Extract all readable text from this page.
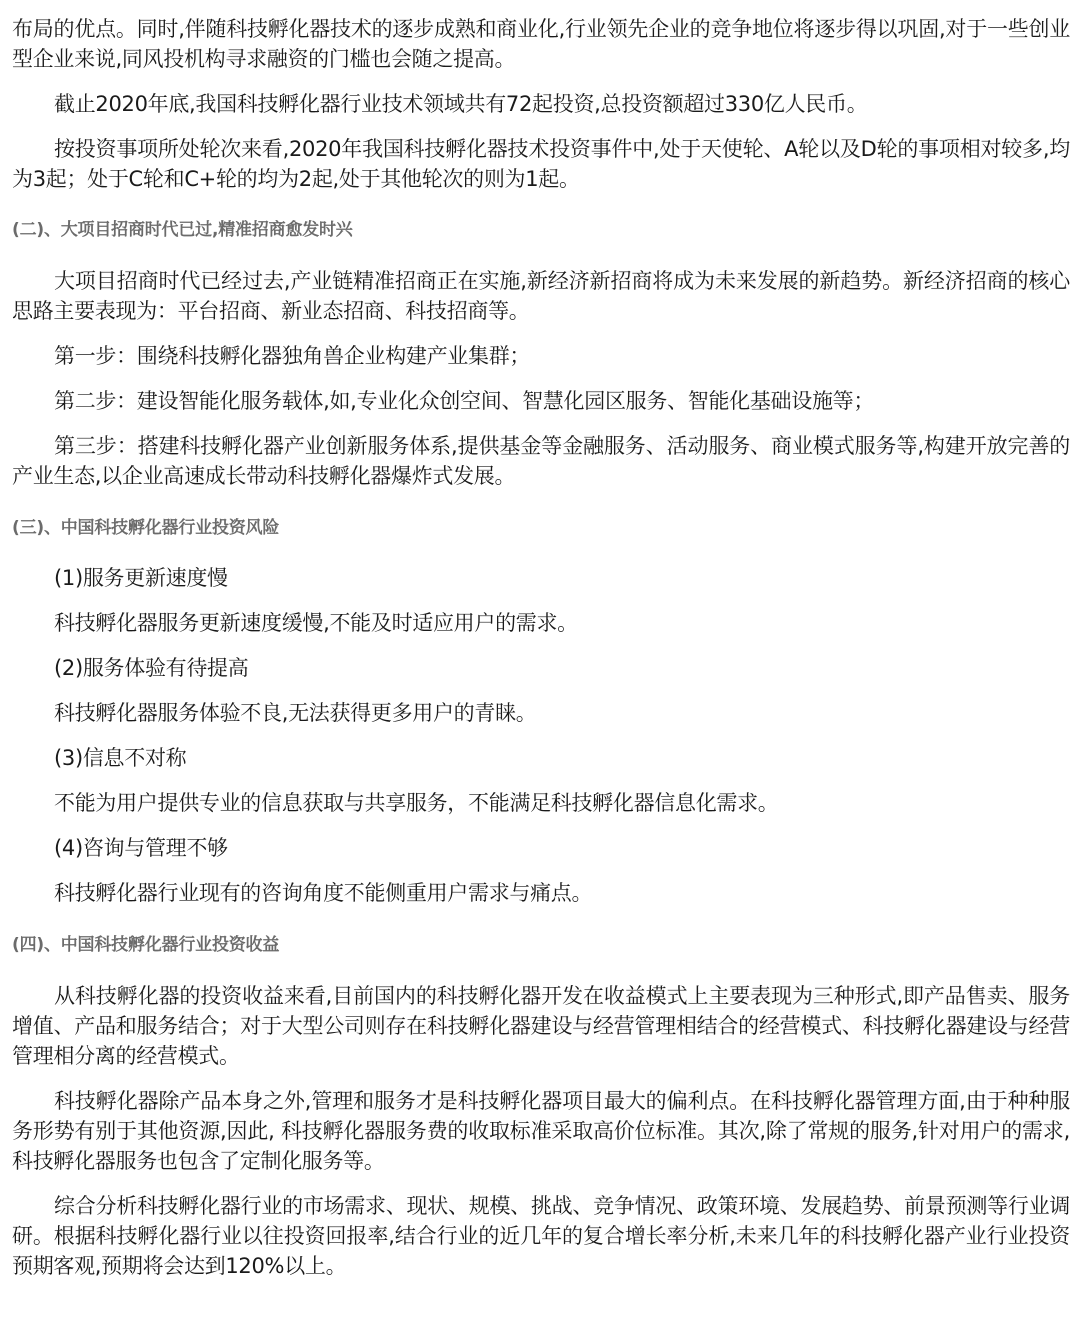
布局的优点。同时,伴随科技孵化器技术的逐步成熟和商业化,行业领先企业的竞争地位将逐步得以巩固,对于一些创业型企业来说,同风投机构寻求融资的门槛也会随之提高。

截止2020年底,我国科技孵化器行业技术领域共有72起投资,总投资额超过330亿人民币。

按投资事项所处轮次来看,2020年我国科技孵化器技术投资事件中,处于天使轮、A轮以及D轮的事项相对较多,均为3起；处于C轮和C+轮的均为2起,处于其他轮次的则为1起。

(二)、大项目招商时代已过,精准招商愈发时兴

大项目招商时代已经过去,产业链精准招商正在实施,新经济新招商将成为未来发展的新趋势。新经济招商的核心思路主要表现为：平台招商、新业态招商、科技招商等。

第一步：围绕科技孵化器独角兽企业构建产业集群；

第二步：建设智能化服务载体,如,专业化众创空间、智慧化园区服务、智能化基础设施等；

第三步：搭建科技孵化器产业创新服务体系,提供基金等金融服务、活动服务、商业模式服务等,构建开放完善的产业生态,以企业高速成长带动科技孵化器爆炸式发展。

(三)、中国科技孵化器行业投资风险

(1)服务更新速度慢

科技孵化器服务更新速度缓慢,不能及时适应用户的需求。

(2)服务体验有待提高

科技孵化器服务体验不良,无法获得更多用户的青睐。

(3)信息不对称

不能为用户提供专业的信息获取与共享服务，不能满足科技孵化器信息化需求。

(4)咨询与管理不够

科技孵化器行业现有的咨询角度不能侧重用户需求与痛点。

(四)、中国科技孵化器行业投资收益

从科技孵化器的投资收益来看,目前国内的科技孵化器开发在收益模式上主要表现为三种形式,即产品售卖、服务增值、产品和服务结合；对于大型公司则存在科技孵化器建设与经营管理相结合的经营模式、科技孵化器建设与经营管理相分离的经营模式。

科技孵化器除产品本身之外,管理和服务才是科技孵化器项目最大的偏利点。在科技孵化器管理方面,由于种种服务形势有别于其他资源,因此, 科技孵化器服务费的收取标准采取高价位标准。其次,除了常规的服务,针对用户的需求, 科技孵化器服务也包含了定制化服务等。

综合分析科技孵化器行业的市场需求、现状、规模、挑战、竞争情况、政策环境、发展趋势、前景预测等行业调研。根据科技孵化器行业以往投资回报率,结合行业的近几年的复合增长率分析,未来几年的科技孵化器产业行业投资预期客观,预期将会达到120%以上。
